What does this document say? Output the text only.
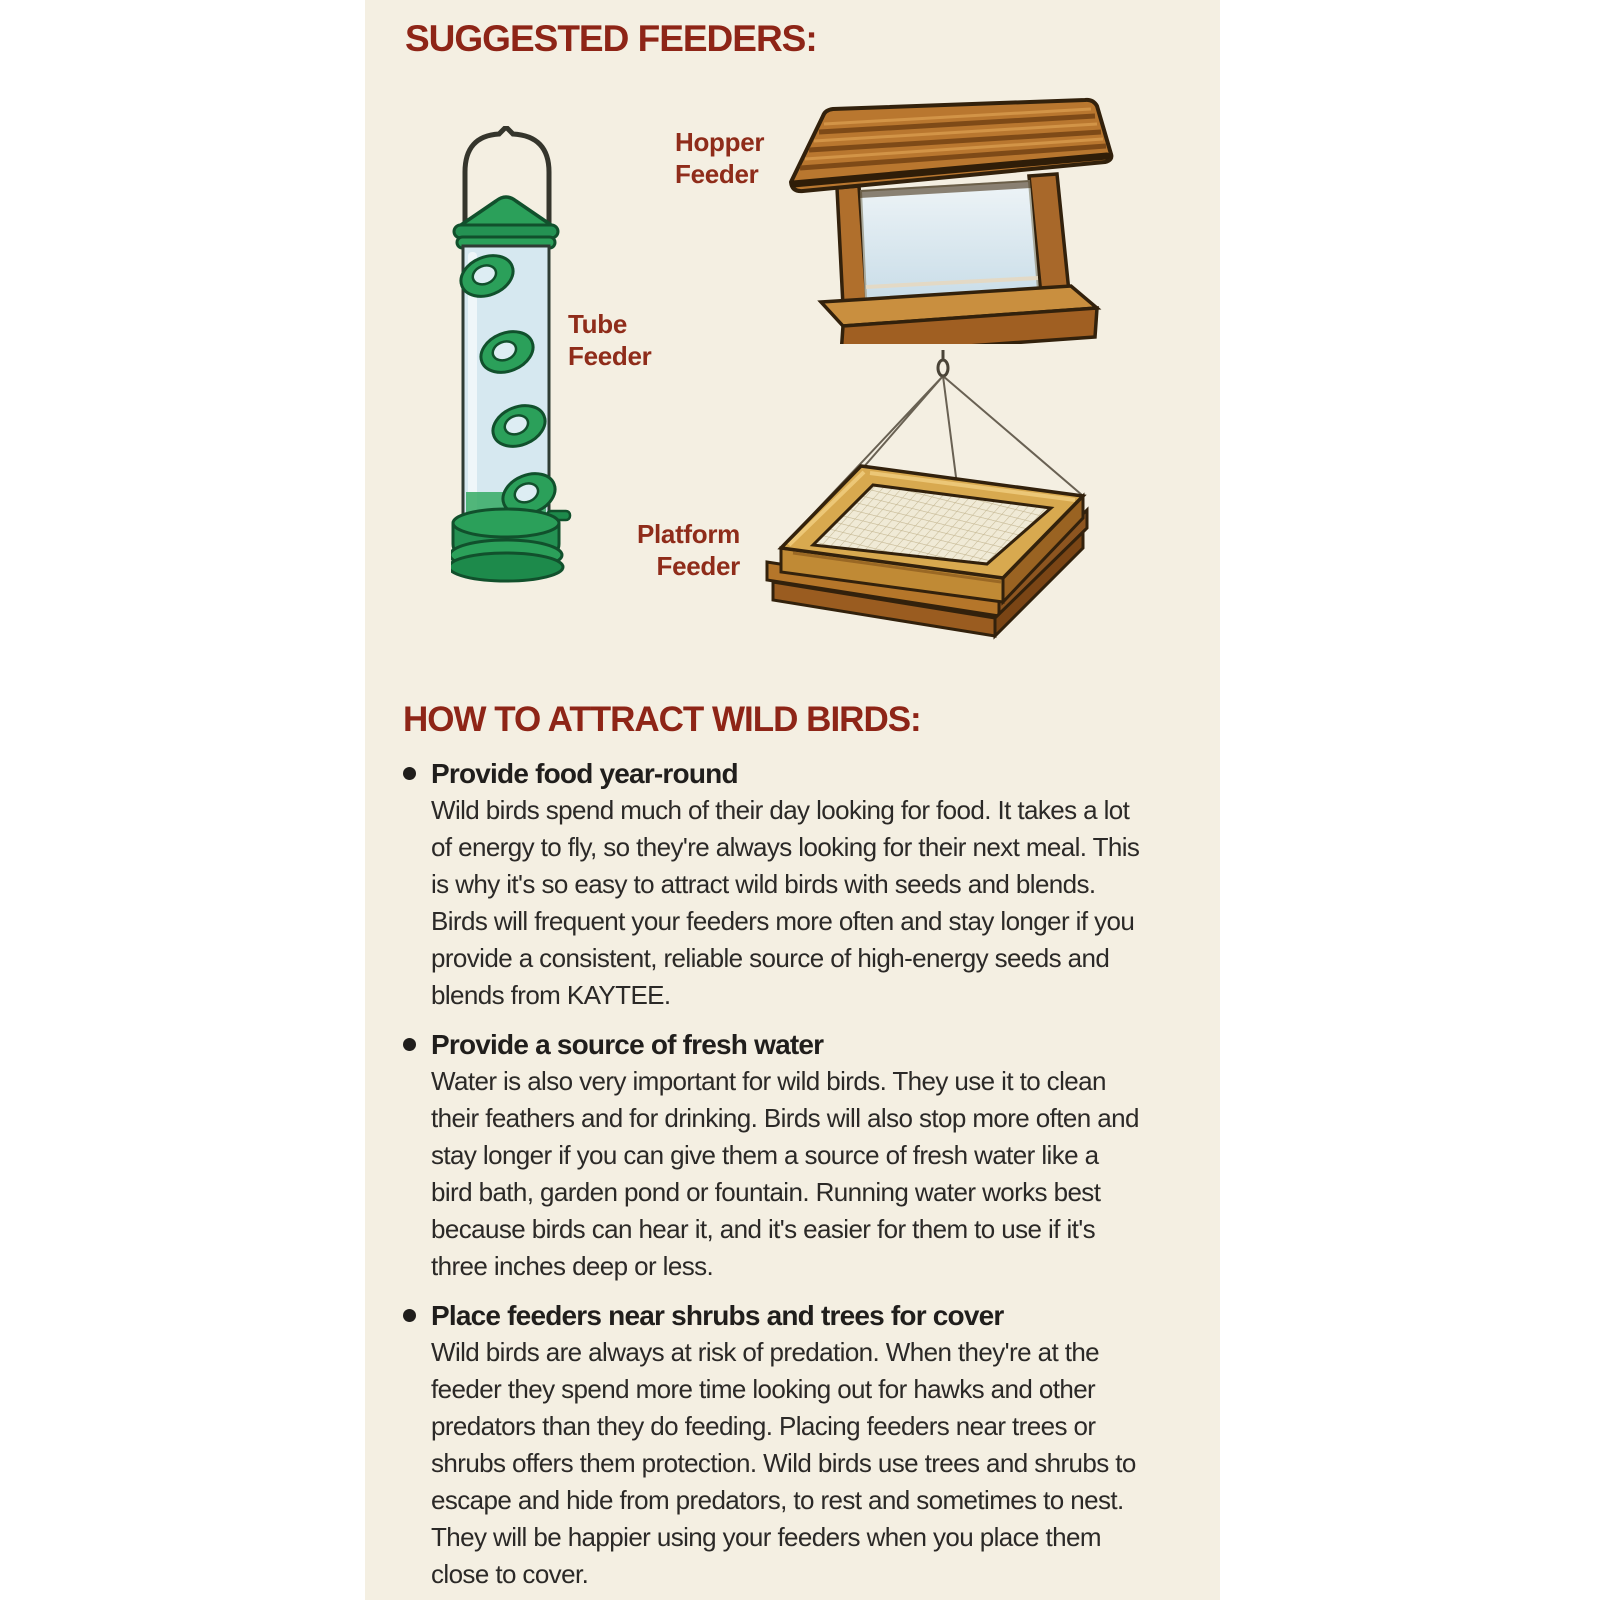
SUGGESTED FEEDERS:
Tube Feeder
Hopper Feeder
Platform Feeder
HOW TO ATTRACT WILD BIRDS:
Provide food year-round
Wild birds spend much of their day looking for food. It takes a lot of energy to fly, so they're always looking for their next meal. This is why it's so easy to attract wild birds with seeds and blends. Birds will frequent your feeders more often and stay longer if you provide a consistent, reliable source of high-energy seeds and blends from KAYTEE.
Provide a source of fresh water
Water is also very important for wild birds. They use it to clean their feathers and for drinking. Birds will also stop more often and stay longer if you can give them a source of fresh water like a bird bath, garden pond or fountain. Running water works best because birds can hear it, and it's easier for them to use if it's three inches deep or less.
Place feeders near shrubs and trees for cover
Wild birds are always at risk of predation. When they're at the feeder they spend more time looking out for hawks and other predators than they do feeding. Placing feeders near trees or shrubs offers them protection. Wild birds use trees and shrubs to escape and hide from predators, to rest and sometimes to nest. They will be happier using your feeders when you place them close to cover.
